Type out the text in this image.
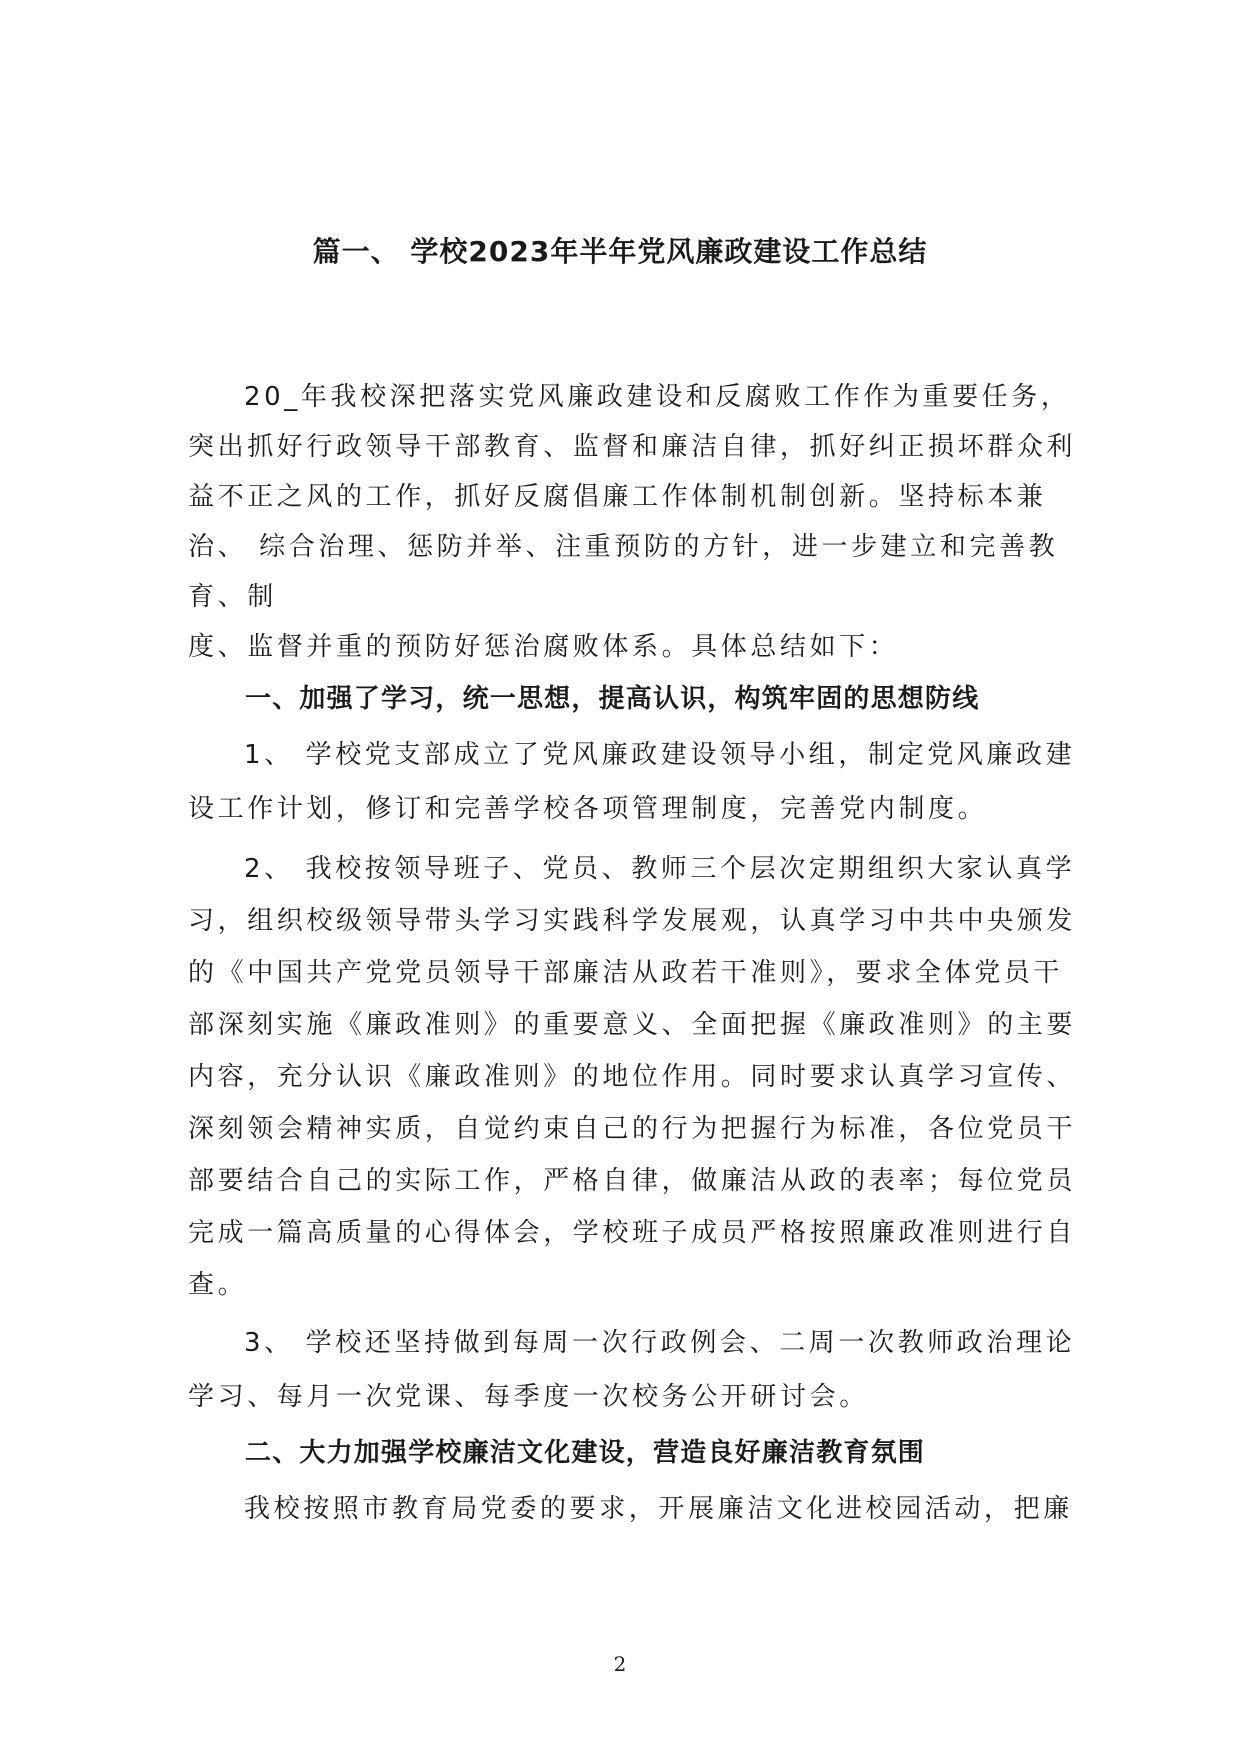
篇一、 学校2023年半年党风廉政建设工作总结
20_年我校深把落实党风廉政建设和反腐败工作作为重要任务，
突出抓好行政领导干部教育、监督和廉洁自律，抓好纠正损坏群众利
益不正之风的工作，抓好反腐倡廉工作体制机制创新。坚持标本兼
治、 综合治理、惩防并举、注重预防的方针，进一步建立和完善教
育、制
度、监督并重的预防好惩治腐败体系。具体总结如下：
一、加强了学习，统一思想，提高认识，构筑牢固的思想防线
1、 学校党支部成立了党风廉政建设领导小组，制定党风廉政建
设工作计划，修订和完善学校各项管理制度，完善党内制度。
2、 我校按领导班子、党员、教师三个层次定期组织大家认真学
习，组织校级领导带头学习实践科学发展观，认真学习中共中央颁发
的《中国共产党党员领导干部廉洁从政若干准则》，要求全体党员干
部深刻实施《廉政准则》的重要意义、全面把握《廉政准则》的主要
内容，充分认识《廉政准则》的地位作用。同时要求认真学习宣传、
深刻领会精神实质，自觉约束自己的行为把握行为标准，各位党员干
部要结合自己的实际工作，严格自律，做廉洁从政的表率；每位党员
完成一篇高质量的心得体会，学校班子成员严格按照廉政准则进行自
查。
3、 学校还坚持做到每周一次行政例会、二周一次教师政治理论
学习、每月一次党课、每季度一次校务公开研讨会。
二、大力加强学校廉洁文化建设，营造良好廉洁教育氛围
我校按照市教育局党委的要求，开展廉洁文化进校园活动，把廉
2
